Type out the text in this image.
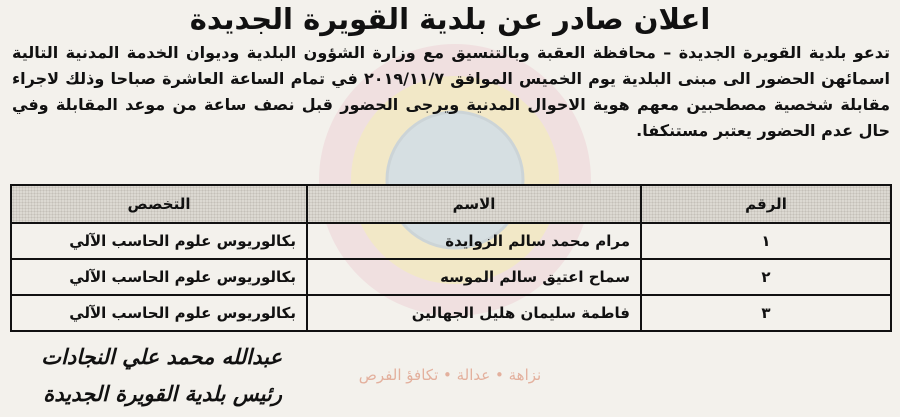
نزاهة • عدالة • تكافؤ الفرص
اعلان صادر عن بلدية القويرة الجديدة
تدعو بلدية القويرة الجديدة – محافظة العقبة وبالتنسيق مع وزارة الشؤون البلدية وديوان الخدمة المدنية التالية اسمائهن الحضور الى مبنى البلدية يوم الخميس الموافق ٢٠١٩/١١/٧ في تمام الساعة العاشرة صباحا وذلك لاجراء مقابلة شخصية مصطحبين معهم هوية الاحوال المدنية ويرجى الحضور قبل نصف ساعة من موعد المقابلة وفي حال عدم الحضور يعتبر مستنكفا.
الرقم	الاسم	التخصص
١	مرام محمد سالم الزوايدة	بكالوريوس علوم الحاسب الآلي
٢	سماح اعتيق سالم الموسه	بكالوريوس علوم الحاسب الآلي
٣	فاطمة سليمان هليل الجهالين	بكالوريوس علوم الحاسب الآلي
عبدالله محمد علي النجادات
رئيس بلدية القويرة الجديدة
